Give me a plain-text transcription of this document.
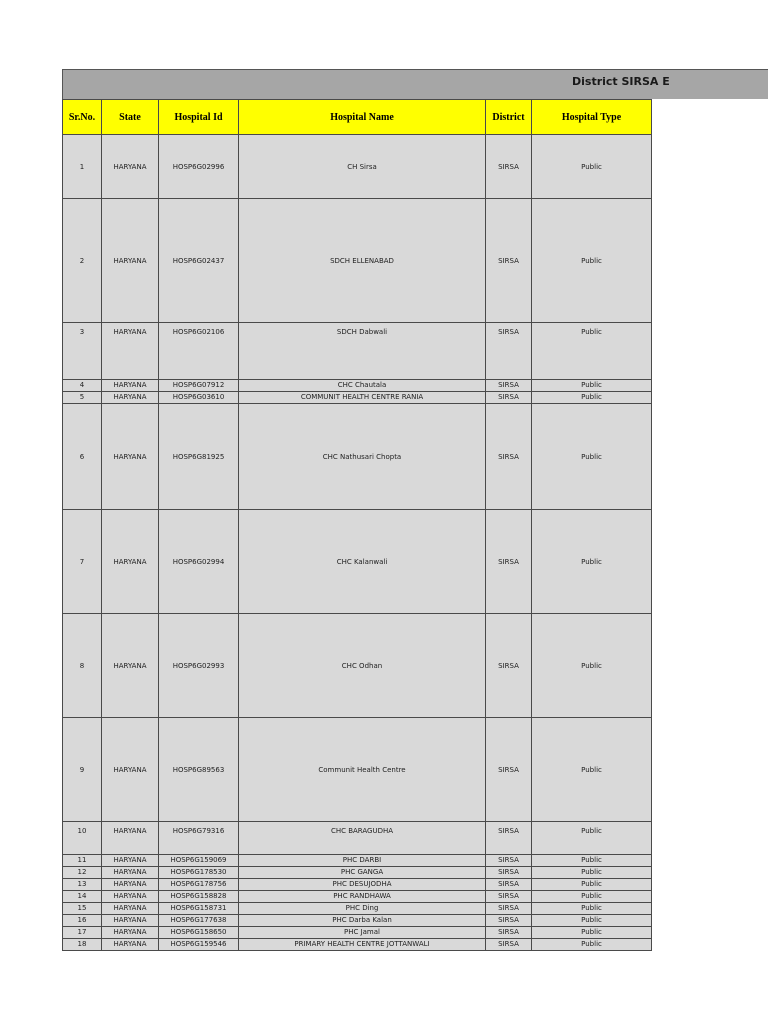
District SIRSA E
Sr.No.	State	Hospital Id	Hospital Name	District	Hospital Type
1	HARYANA	HOSP6G02996	CH Sirsa	SIRSA	Public
2	HARYANA	HOSP6G02437	SDCH ELLENABAD	SIRSA	Public
3	HARYANA	HOSP6G02106	SDCH Dabwali	SIRSA	Public
4	HARYANA	HOSP6G07912	CHC Chautala	SIRSA	Public
5	HARYANA	HOSP6G03610	COMMUNIT HEALTH CENTRE RANIA	SIRSA	Public
6	HARYANA	HOSP6G81925	CHC Nathusari Chopta	SIRSA	Public
7	HARYANA	HOSP6G02994	CHC Kalanwali	SIRSA	Public
8	HARYANA	HOSP6G02993	CHC Odhan	SIRSA	Public
9	HARYANA	HOSP6G89563	Communit Health Centre	SIRSA	Public
10	HARYANA	HOSP6G79316	CHC BARAGUDHA	SIRSA	Public
11	HARYANA	HOSP6G159069	PHC DARBI	SIRSA	Public
12	HARYANA	HOSP6G178530	PHC GANGA	SIRSA	Public
13	HARYANA	HOSP6G178756	PHC DESUJODHA	SIRSA	Public
14	HARYANA	HOSP6G158828	PHC RANDHAWA	SIRSA	Public
15	HARYANA	HOSP6G158731	PHC Ding	SIRSA	Public
16	HARYANA	HOSP6G177638	PHC Darba Kalan	SIRSA	Public
17	HARYANA	HOSP6G158650	PHC Jamal	SIRSA	Public
18	HARYANA	HOSP6G159546	PRIMARY HEALTH CENTRE JOTTANWALI	SIRSA	Public
